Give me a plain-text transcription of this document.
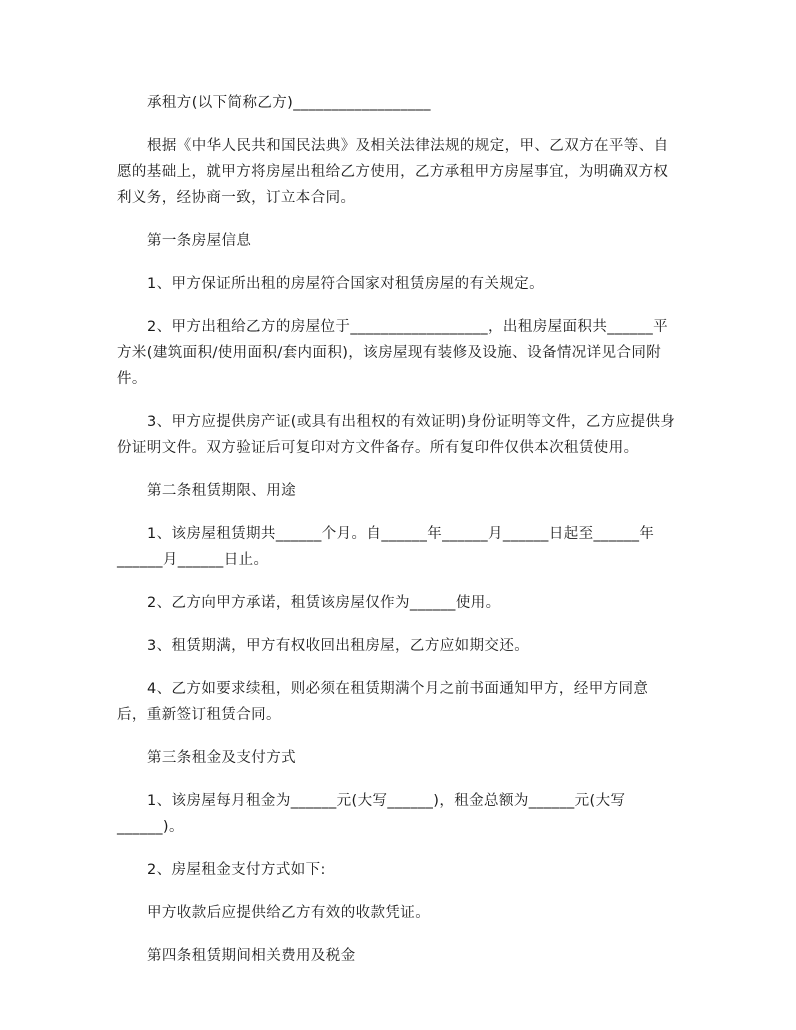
承租方(以下简称乙方)__________________

根据《中华人民共和国民法典》及相关法律法规的规定，甲、乙双方在平等、自愿的基础上，就甲方将房屋出租给乙方使用，乙方承租甲方房屋事宜，为明确双方权利义务，经协商一致，订立本合同。

第一条房屋信息

1、甲方保证所出租的房屋符合国家对租赁房屋的有关规定。

2、甲方出租给乙方的房屋位于__________________，出租房屋面积共______平方米(建筑面积/使用面积/套内面积)，该房屋现有装修及设施、设备情况详见合同附件。

3、甲方应提供房产证(或具有出租权的有效证明)身份证明等文件，乙方应提供身份证明文件。双方验证后可复印对方文件备存。所有复印件仅供本次租赁使用。

第二条租赁期限、用途

1、该房屋租赁期共______个月。自______年______月______日起至______年______月______日止。

2、乙方向甲方承诺，租赁该房屋仅作为______使用。

3、租赁期满，甲方有权收回出租房屋，乙方应如期交还。

4、乙方如要求续租，则必须在租赁期满个月之前书面通知甲方，经甲方同意后，重新签订租赁合同。

第三条租金及支付方式

1、该房屋每月租金为______元(大写______)，租金总额为______元(大写______)。

2、房屋租金支付方式如下:

甲方收款后应提供给乙方有效的收款凭证。

第四条租赁期间相关费用及税金
